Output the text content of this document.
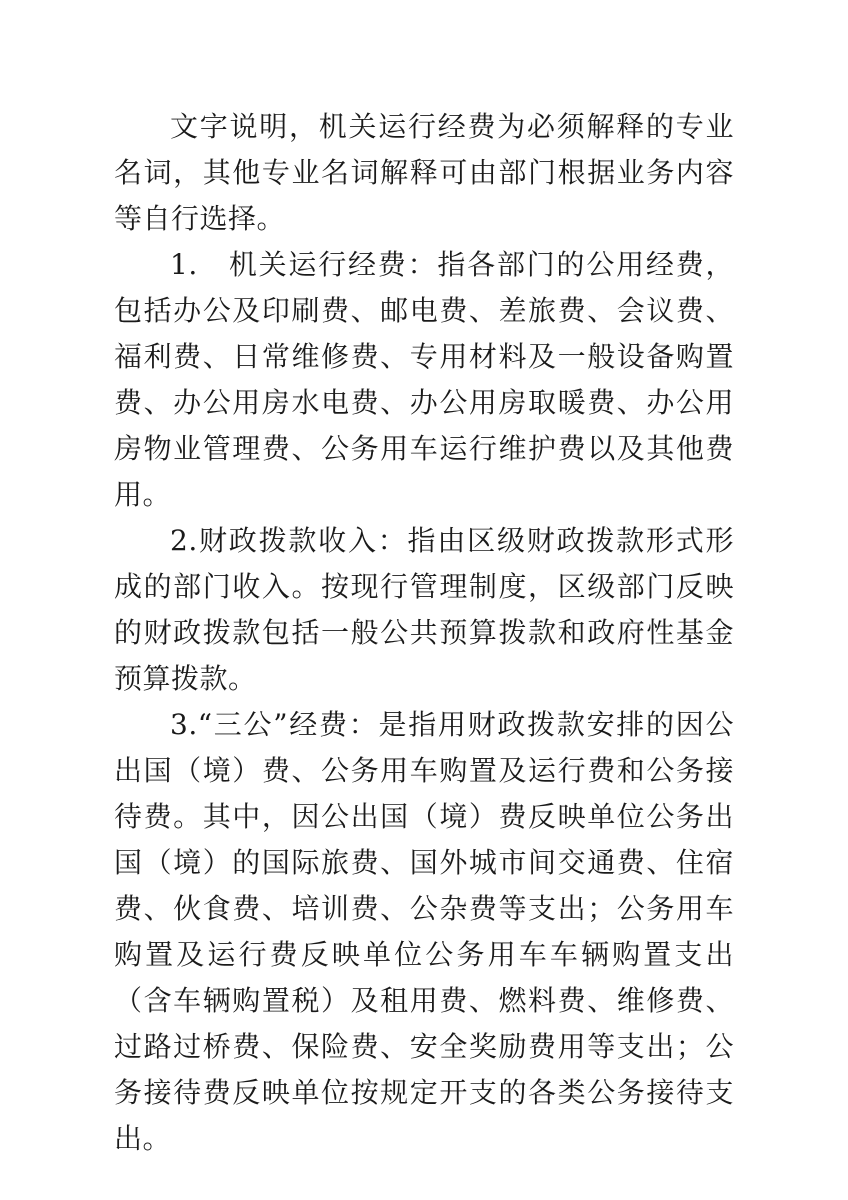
文字说明，机关运行经费为必须解释的专业名词，其他专业名词解释可由部门根据业务内容等自行选择。

1.　机关运行经费：指各部门的公用经费，包括办公及印刷费、邮电费、差旅费、会议费、福利费、日常维修费、专用材料及一般设备购置费、办公用房水电费、办公用房取暖费、办公用房物业管理费、公务用车运行维护费以及其他费用。

2.财政拨款收入：指由区级财政拨款形式形成的部门收入。按现行管理制度，区级部门反映的财政拨款包括一般公共预算拨款和政府性基金预算拨款。

3.“三公”经费：是指用财政拨款安排的因公出国（境）费、公务用车购置及运行费和公务接待费。其中，因公出国（境）费反映单位公务出国（境）的国际旅费、国外城市间交通费、住宿费、伙食费、培训费、公杂费等支出；公务用车购置及运行费反映单位公务用车车辆购置支出（含车辆购置税）及租用费、燃料费、维修费、过路过桥费、保险费、安全奖励费用等支出；公务接待费反映单位按规定开支的各类公务接待支出。
